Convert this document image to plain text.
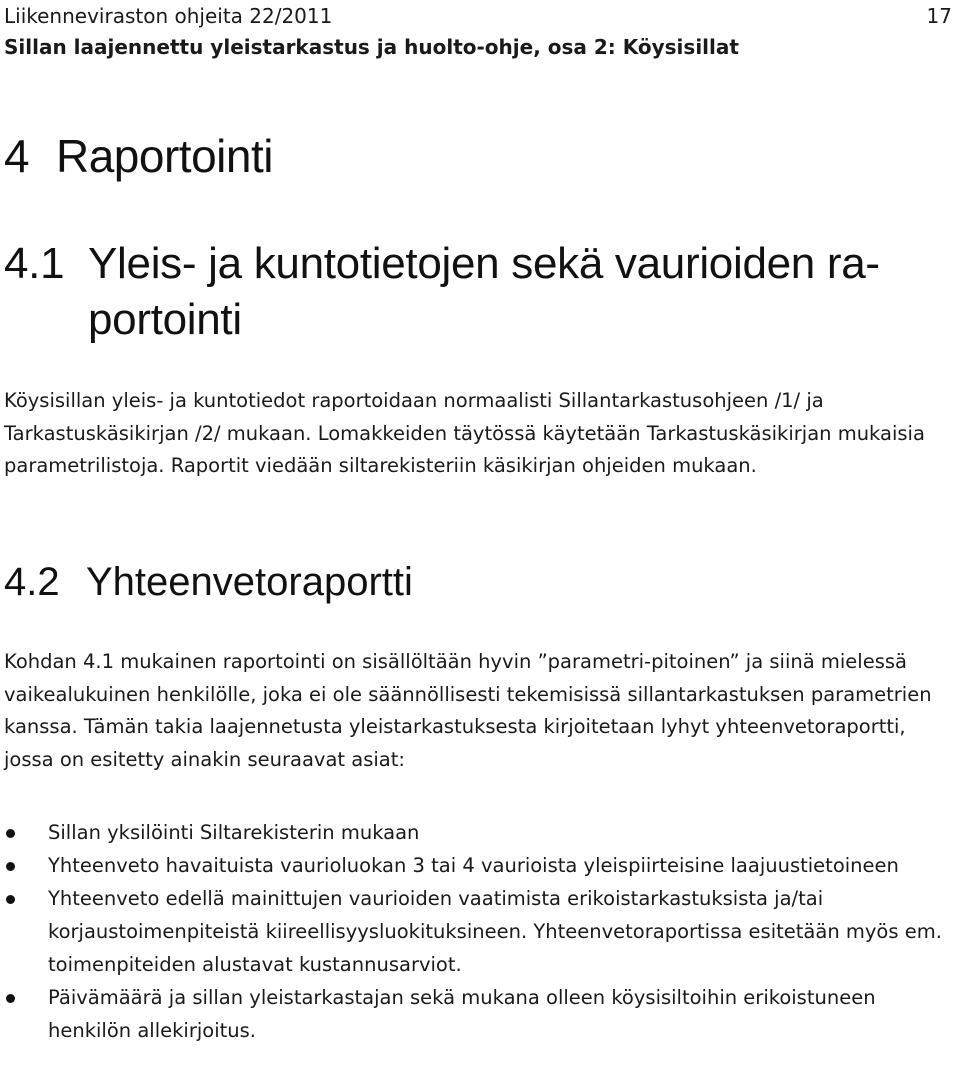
Liikenneviraston ohjeita 22/2011	17
Sillan laajennettu yleistarkastus ja huolto-ohje, osa 2: Köysisillat
4 Raportointi
4.1 Yleis- ja kuntotietojen sekä vaurioiden ra-
portointi

Köysisillan yleis- ja kuntotiedot raportoidaan normaalisti Sillantarkastusohjeen /1/ ja Tarkastuskäsikirjan /2/ mukaan. Lomakkeiden täytössä käytetään Tarkastuskäsikirjan mukaisia parametrilistoja. Raportit viedään siltarekisteriin käsikirjan ohjeiden mukaan.

4.2 Yhteenvetoraportti

Kohdan 4.1 mukainen raportointi on sisällöltään hyvin ”parametri-pitoinen” ja siinä mielessä vaikealukuinen henkilölle, joka ei ole säännöllisesti tekemisissä sillantarkastuksen parametrien kanssa. Tämän takia laajennetusta yleistarkastuksesta kirjoitetaan lyhyt yhteenvetoraportti, jossa on esitetty ainakin seuraavat asiat:

Sillan yksilöinti Siltarekisterin mukaan
Yhteenveto havaituista vaurioluokan 3 tai 4 vaurioista yleispiirteisine laajuustietoineen
Yhteenveto edellä mainittujen vaurioiden vaatimista erikoistarkastuksista ja/tai korjaustoimenpiteistä kiireellisyysluokituksineen. Yhteenvetoraportissa esitetään myös em. toimenpiteiden alustavat kustannusarviot.
Päivämäärä ja sillan yleistarkastajan sekä mukana olleen köysisiltoihin erikoistuneen henkilön allekirjoitus.
